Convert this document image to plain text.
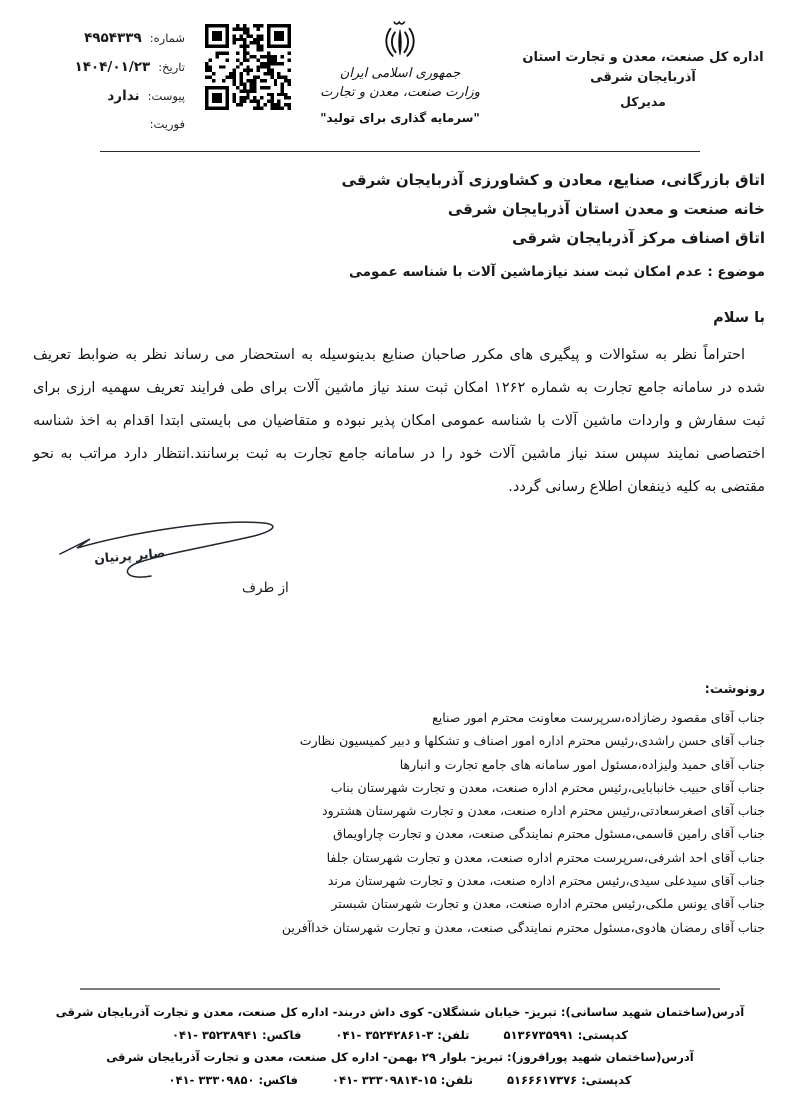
شماره:
۴۹۵۴۳۳۹
تاریخ:
۱۴۰۴/۰۱/۲۳
پیوست:
ندارد
فوریت:
جمهوری اسلامی ایران
وزارت صنعت، معدن و تجارت
"سرمایه گذاری برای تولید"
اداره کل صنعت، معدن و تجارت استان آذربایجان شرقی
مدیرکل
اتاق بازرگانی، صنایع، معادن و کشاورزی آذربایجان شرقی
خانه صنعت و معدن استان آذربایجان شرقی
اتاق اصناف مرکز آذربایجان شرقی
موضوع : عدم امکان ثبت سند نیازماشین آلات با شناسه عمومی
با سلام
احتراماً نظر به سئوالات و پیگیری های مکرر صاحبان صنایع بدینوسیله به استحضار می رساند نظر به ضوابط تعریف شده در سامانه جامع تجارت به شماره ۱۲۶۲ امکان ثبت سند نیاز ماشین آلات برای طی فرایند تعریف سهمیه ارزی برای ثبت سفارش و واردات ماشین آلات با شناسه عمومی امکان پذیر نبوده و متقاضیان می بایستی ابتدا اقدام به اخذ شناسه اختصاصی نمایند سپس سند نیاز ماشین آلات خود را در سامانه جامع تجارت به ثبت برسانند.انتظار دارد مراتب به نحو مقتضی به کلیه ذینفعان اطلاع رسانی گردد.
صابر پرنیان
از طرف
رونوشت:
جناب آقای مقصود رضازاده،سرپرست معاونت محترم امور صنایع
جناب آقای حسن راشدی،رئیس محترم اداره امور اصناف و تشکلها و دبیر کمیسیون نظارت
جناب آقای حمید ولیزاده،مسئول امور سامانه های جامع تجارت و انبارها
جناب آقای حبیب خانبابایی،رئیس محترم اداره صنعت، معدن و تجارت شهرستان بناب
جناب آقای اصغرسعادتی،رئیس محترم اداره صنعت، معدن و تجارت شهرستان هشترود
جناب آقای رامین قاسمی،مسئول محترم نمایندگی صنعت، معدن و تجارت چاراویماق
جناب آقای احد اشرفی،سرپرست محترم اداره صنعت، معدن و تجارت شهرستان جلفا
جناب آقای سیدعلی سیدی،رئیس محترم اداره صنعت، معدن و تجارت شهرستان مرند
جناب آقای یونس ملکی،رئیس محترم اداره صنعت، معدن و تجارت شهرستان شبستر
جناب آقای رمضان هادوی،مسئول محترم نمایندگی صنعت، معدن و تجارت شهرستان خداآفرین
آدرس(ساختمان شهید ساسانی): تبریز- خیابان ششگلان- کوی داش دربند- اداره کل صنعت، معدن و تجارت آذربایجان شرقی
کدپستی: ۵۱۳۶۷۳۵۹۹۱
تلفن: ۳-۳۵۲۴۲۸۶۱ -۰۴۱
فاکس: ۳۵۲۳۸۹۴۱ -۰۴۱
آدرس(ساختمان شهید پورافروز): تبریز- بلوار ۲۹ بهمن- اداره کل صنعت، معدن و تجارت آذربایجان شرقی
کدپستی: ۵۱۶۶۶۱۷۳۷۶
تلفن: ۱۵-۳۳۳۰۹۸۱۴ -۰۴۱
فاکس: ۳۳۳۰۹۸۵۰ -۰۴۱
